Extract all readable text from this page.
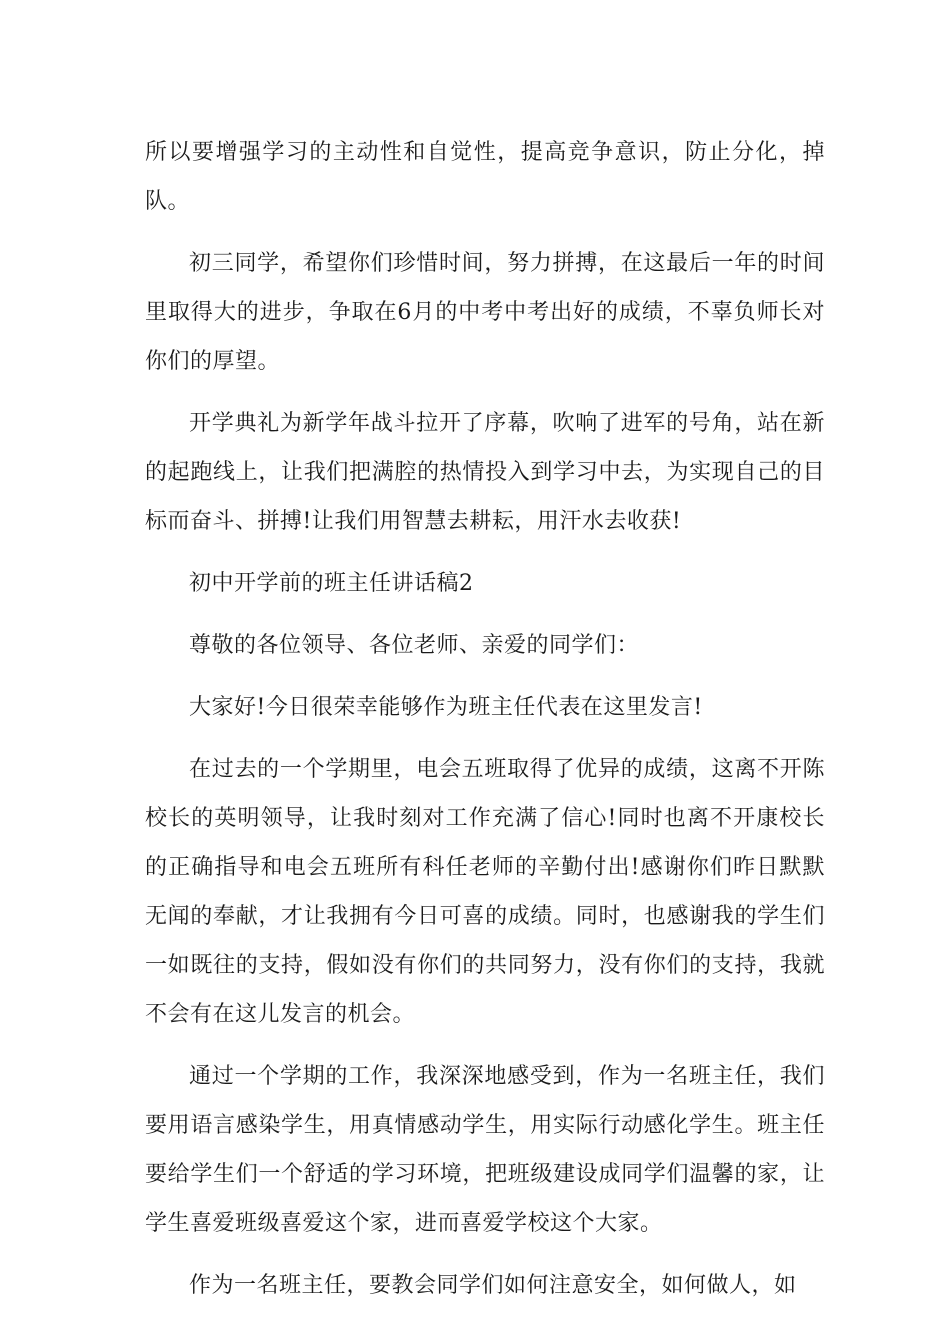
所以要增强学习的主动性和自觉性，提高竞争意识，防止分化，掉队。

初三同学，希望你们珍惜时间，努力拼搏，在这最后一年的时间里取得大的进步，争取在6月的中考中考出好的成绩，不辜负师长对你们的厚望。

开学典礼为新学年战斗拉开了序幕，吹响了进军的号角，站在新的起跑线上，让我们把满腔的热情投入到学习中去，为实现自己的目标而奋斗、拼搏!让我们用智慧去耕耘，用汗水去收获!

初中开学前的班主任讲话稿2

尊敬的各位领导、各位老师、亲爱的同学们：

大家好!今日很荣幸能够作为班主任代表在这里发言!

在过去的一个学期里，电会五班取得了优异的成绩，这离不开陈校长的英明领导，让我时刻对工作充满了信心!同时也离不开康校长的正确指导和电会五班所有科任老师的辛勤付出!感谢你们昨日默默无闻的奉献，才让我拥有今日可喜的成绩。同时，也感谢我的学生们一如既往的支持，假如没有你们的共同努力，没有你们的支持，我就不会有在这儿发言的机会。

通过一个学期的工作，我深深地感受到，作为一名班主任，我们要用语言感染学生，用真情感动学生，用实际行动感化学生。班主任要给学生们一个舒适的学习环境，把班级建设成同学们温馨的家，让学生喜爱班级喜爱这个家，进而喜爱学校这个大家。

作为一名班主任，要教会同学们如何注意安全，如何做人，如
